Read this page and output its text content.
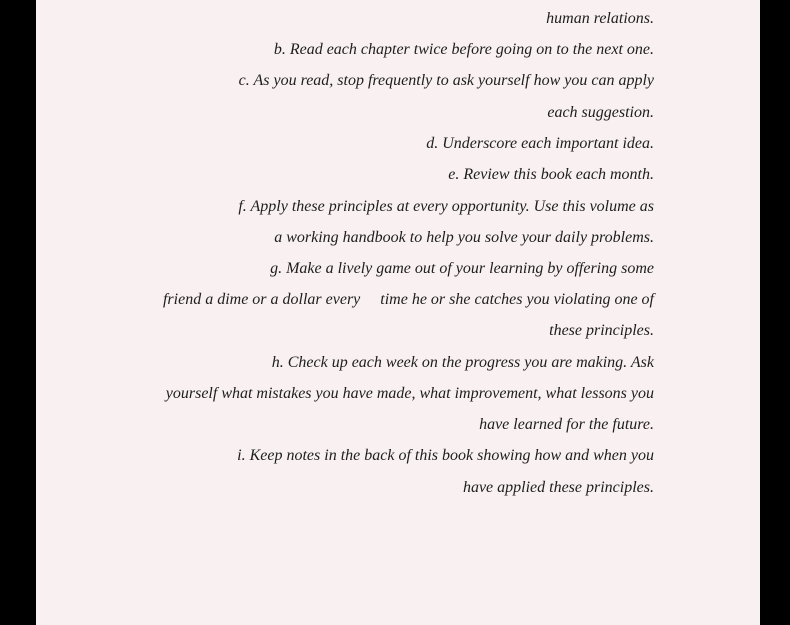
human relations.
b. Read each chapter twice before going on to the next one.
c. As you read, stop frequently to ask yourself how you can apply
each suggestion.
d. Underscore each important idea.
e. Review this book each month.
f. Apply these principles at every opportunity. Use this volume as
a working handbook to help you solve your daily problems.
g. Make a lively game out of your learning by offering some
friend a dime or a dollar every     time he or she catches you violating one of
these principles.
h. Check up each week on the progress you are making. Ask
yourself what mistakes you have made, what improvement, what lessons you
have learned for the future.
i. Keep notes in the back of this book showing how and when you
have applied these principles.
